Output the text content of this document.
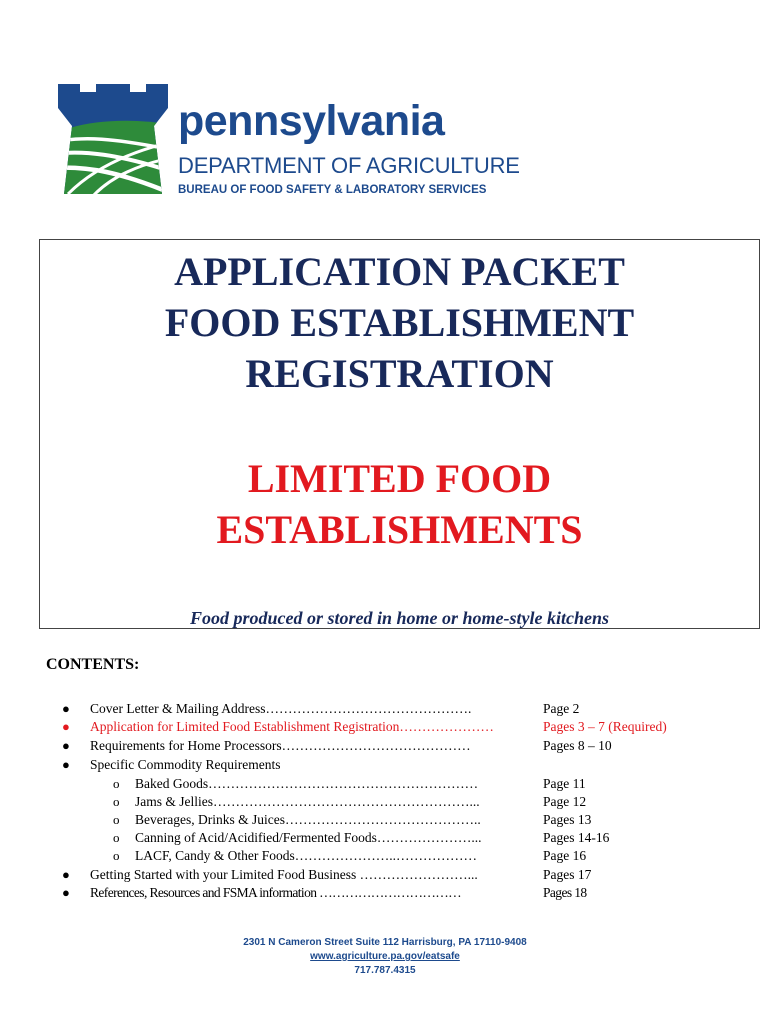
pennsylvania
DEPARTMENT OF AGRICULTURE
BUREAU OF FOOD SAFETY & LABORATORY SERVICES
APPLICATION PACKET
FOOD ESTABLISHMENT
REGISTRATION
LIMITED FOOD
ESTABLISHMENTS
Food produced or stored in home or home-style kitchens
CONTENTS:
● Cover Letter & Mailing Address……………………………………….	Page 2
● Application for Limited Food Establishment Registration…………………	Pages 3 – 7 (Required)
● Requirements for Home Processors……………………………………	Pages 8 – 10
● Specific Commodity Requirements
o Baked Goods……………………………………………………	Page 11
o Jams & Jellies…………………………………………………...	Page 12
o Beverages, Drinks & Juices……………………………………..	Pages 13
o Canning of Acid/Acidified/Fermented Foods…………………...	Pages 14-16
o LACF, Candy & Other Foods…………………..………………	Page 16
● Getting Started with your Limited Food Business ……………………...	Pages 17
● References, Resources and FSMA information ……………………………	Pages 18
2301 N Cameron Street Suite 112 Harrisburg, PA 17110-9408
www.agriculture.pa.gov/eatsafe
717.787.4315
